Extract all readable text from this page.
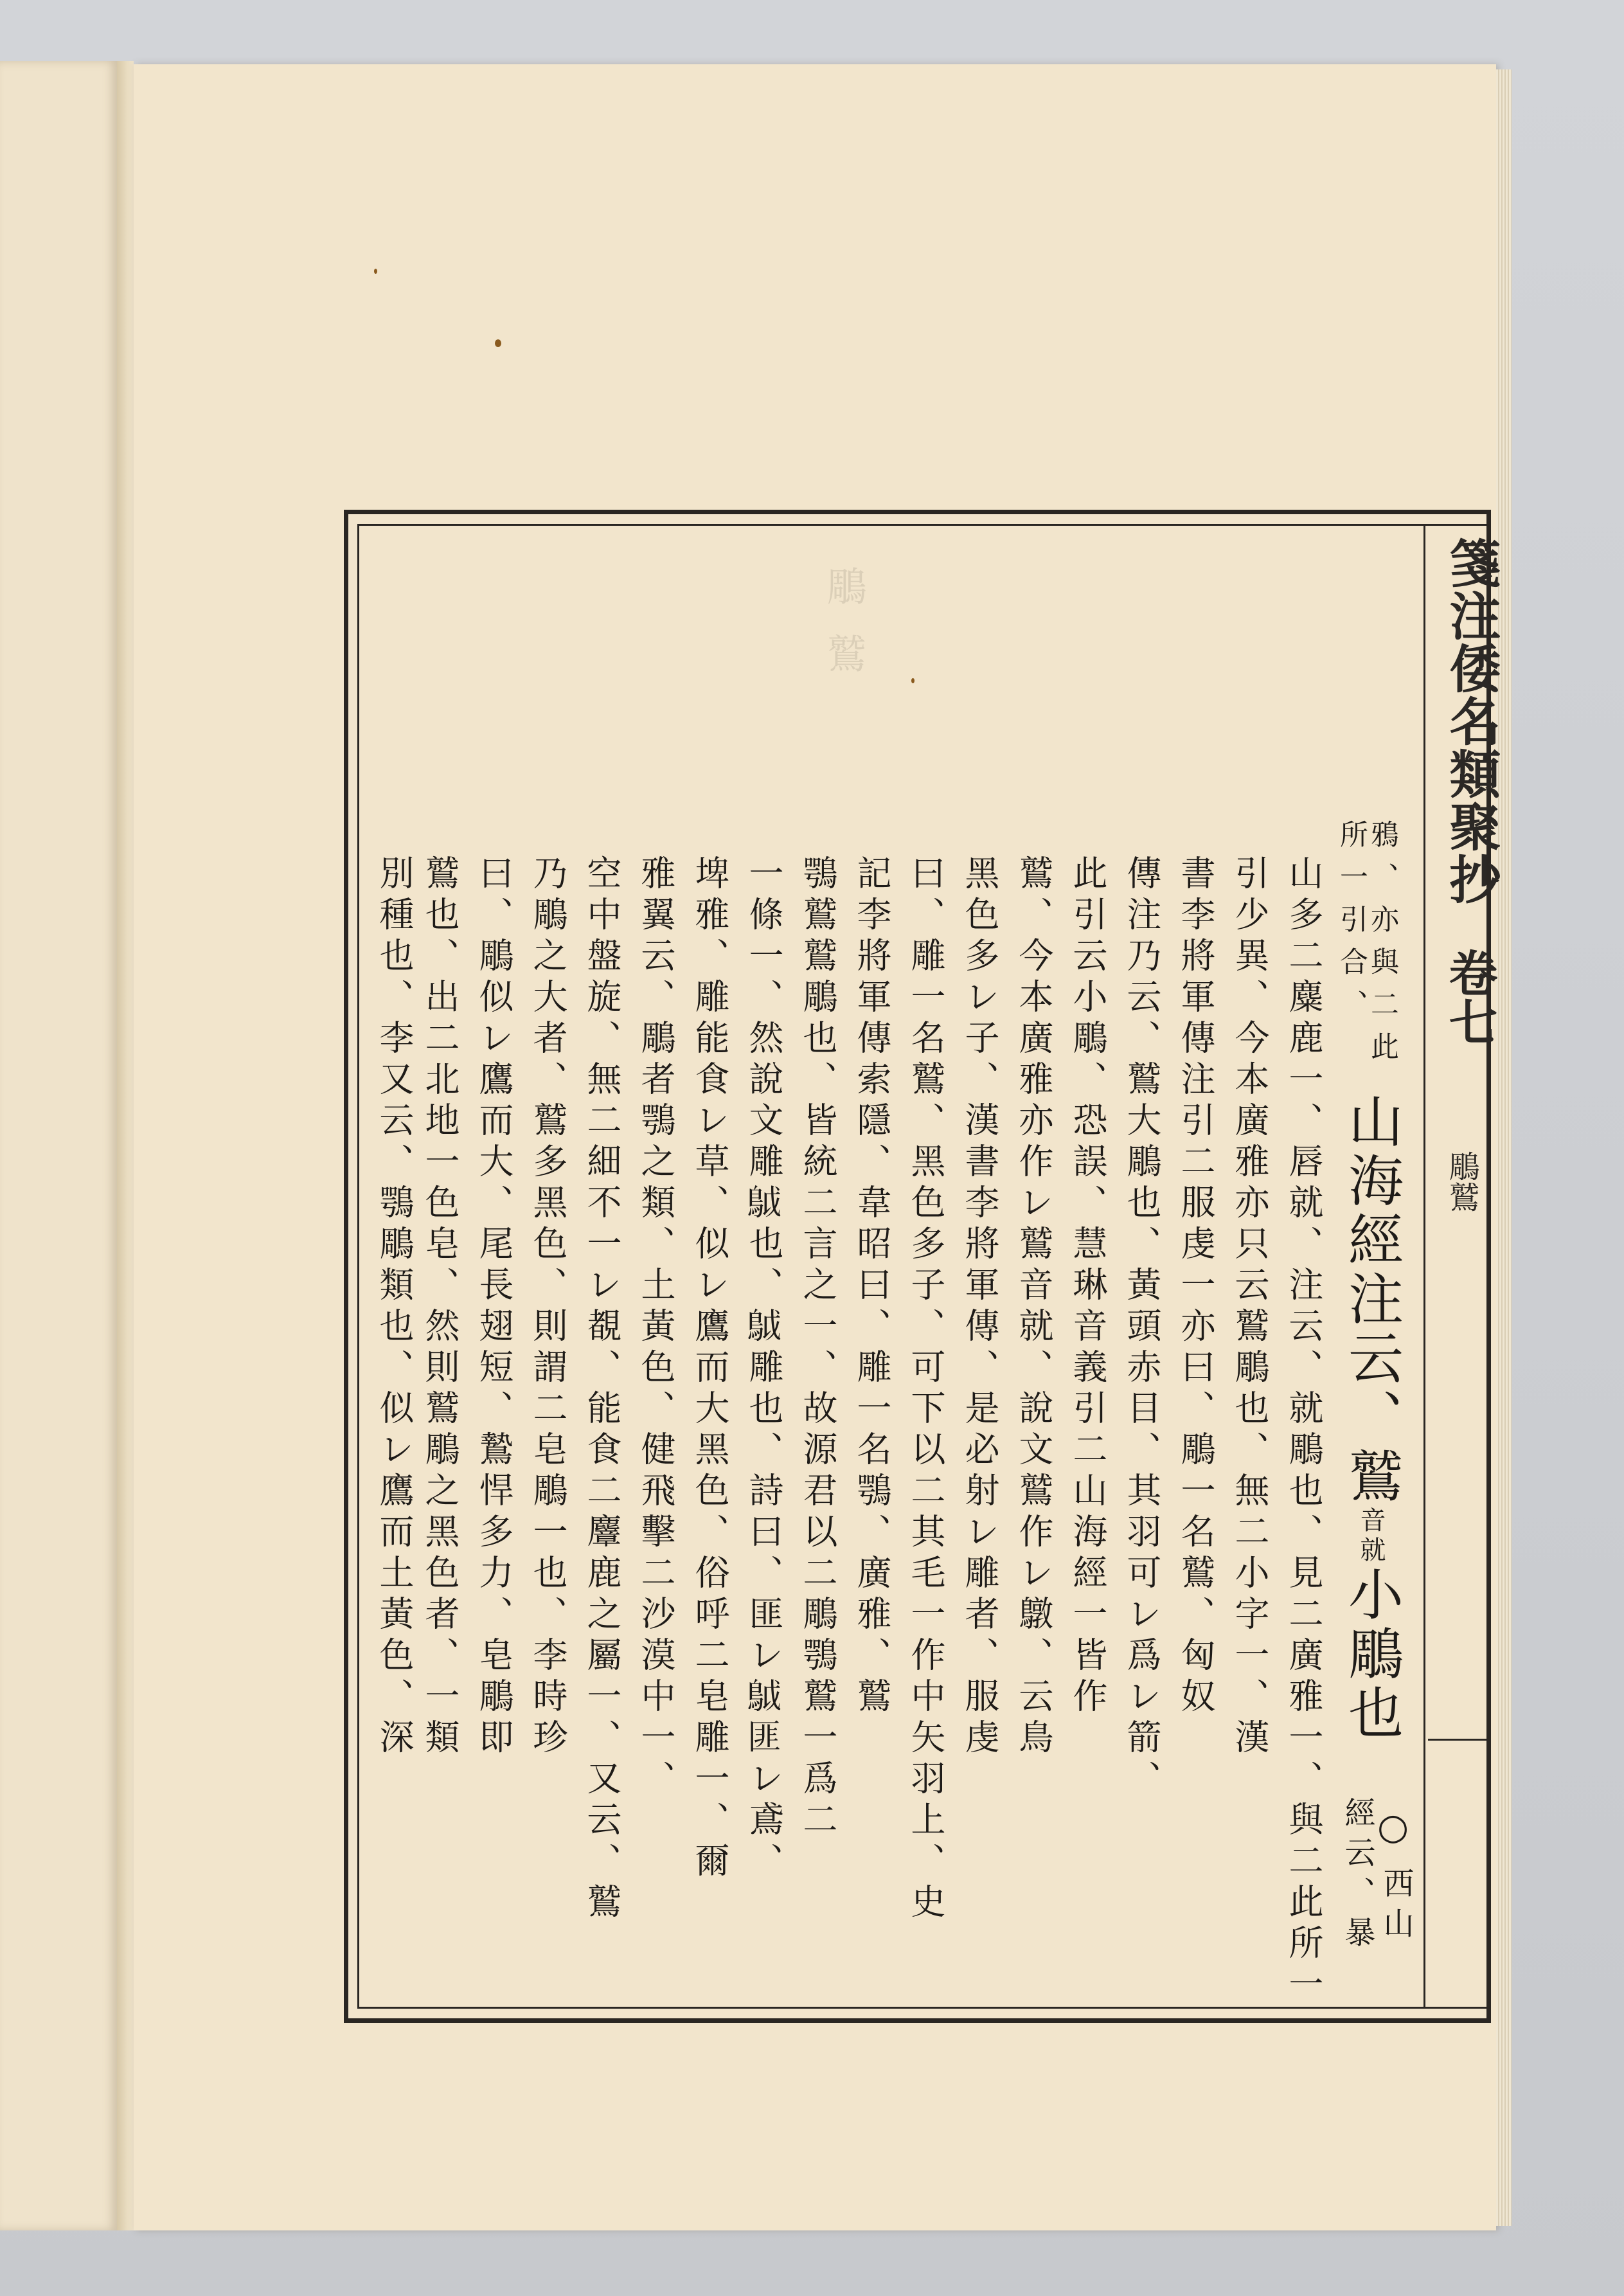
箋注倭名類聚抄
卷七
鵰鷲
鵰
鷲
鴉、亦與二此
所一引合、
山海經注云、鷲音就小鵰也
○
西山
經云、暴
山多二麋鹿一、唇就、注云、就鵰也、見二廣雅一、與二此所一
引少異、今本廣雅亦只云鷲鵰也、無二小字一、漢
書李將軍傳注引二服虔一亦曰、鵰一名鷲、匈奴
傳注乃云、鷲大鵰也、黃頭赤目、其羽可レ爲レ箭、
此引云小鵰、恐誤、慧琳音義引二山海經一皆作
鷲、今本廣雅亦作レ鷲音就、說文鷲作レ鷻、云鳥
黑色多レ子、漢書李將軍傳、是必射レ雕者、服虔
曰、雕一名鷲、黑色多子、可下以二其毛一作中矢羽上、史
記李將軍傳索隱、韋昭曰、雕一名鶚、廣雅、鷲
鶚鷲鷲鵰也、皆統二言之一、故源君以二鵰鶚鷲一爲二
一條一、然說文雕𩿠也、𩿠雕也、詩曰、匪レ𩿠匪レ鳶、
埤雅、雕能食レ草、似レ鷹而大黑色、俗呼二皂雕一、爾
雅翼云、鵰者鶚之類、土黃色、健飛擊二沙漠中一、
空中盤旋、無二細不一レ覩、能食二麞鹿之屬一、又云、鷲
乃鵰之大者、鷲多黑色、則謂二皂鵰一也、李時珍
曰、鵰似レ鷹而大、尾長翅短、鷙悍多力、皂鵰即
鷲也、出二北地一色皂、然則鷲鵰之黑色者、一類
別種也、李又云、鶚鵰類也、似レ鷹而土黃色、深
